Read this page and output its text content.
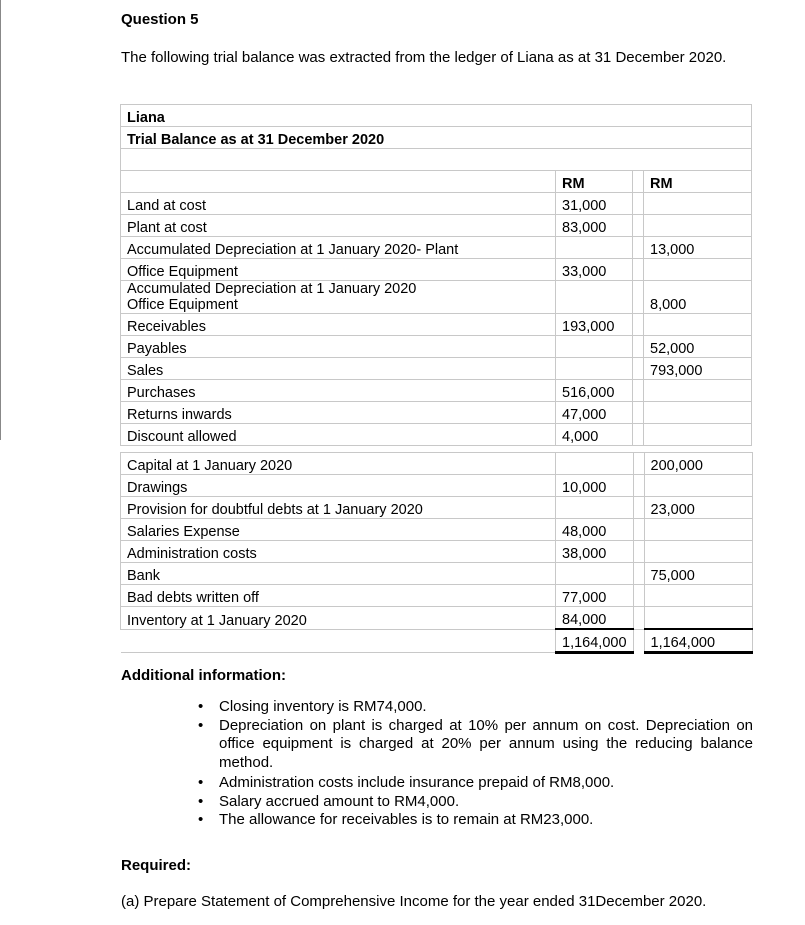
Question 5
The following trial balance was extracted from the ledger of Liana as at 31 December 2020.
Liana			
Trial Balance as at 31 December 2020			

	RM		RM
Land at cost	31,000		
Plant at cost	83,000		
Accumulated Depreciation at 1 January 2020- Plant			13,000
Office Equipment	33,000		
Accumulated Depreciation at 1 January 2020
Office Equipment			8,000
Receivables	193,000		
Payables			52,000
Sales			793,000
Purchases	516,000		
Returns inwards	47,000		
Discount allowed	4,000		
Capital at 1 January 2020			200,000
Drawings	10,000		
Provision for doubtful debts at 1 January 2020			23,000
Salaries Expense	48,000		
Administration costs	38,000		
Bank			75,000
Bad debts written off	77,000		
Inventory at 1 January 2020	84,000		
	1,164,000		1,164,000
Additional information:
• Closing inventory is RM74,000.
• Depreciation on plant is charged at 10% per annum on cost. Depreciation on office equipment is charged at 20% per annum using the reducing balance method.
• Administration costs include insurance prepaid of RM8,000.
• Salary accrued amount to RM4,000.
• The allowance for receivables is to remain at RM23,000.
Required:
(a) Prepare Statement of Comprehensive Income for the year ended 31December 2020.
